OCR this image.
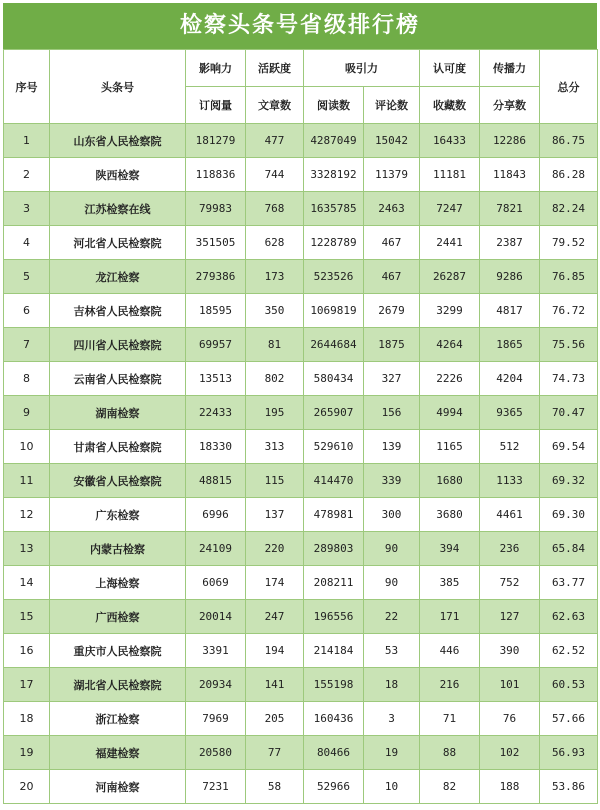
检察头条号省级排行榜
序号	头条号	影响力	活跃度	吸引力		认可度	传播力	总分
		订阅量	文章数	阅读数	评论数	收藏数	分享数	
1	山东省人民检察院	181279	477	4287049	15042	16433	12286	86.75
2	陕西检察	118836	744	3328192	11379	11181	11843	86.28
3	江苏检察在线	79983	768	1635785	2463	7247	7821	82.24
4	河北省人民检察院	351505	628	1228789	467	2441	2387	79.52
5	龙江检察	279386	173	523526	467	26287	9286	76.85
6	吉林省人民检察院	18595	350	1069819	2679	3299	4817	76.72
7	四川省人民检察院	69957	81	2644684	1875	4264	1865	75.56
8	云南省人民检察院	13513	802	580434	327	2226	4204	74.73
9	湖南检察	22433	195	265907	156	4994	9365	70.47
10	甘肃省人民检察院	18330	313	529610	139	1165	512	69.54
11	安徽省人民检察院	48815	115	414470	339	1680	1133	69.32
12	广东检察	6996	137	478981	300	3680	4461	69.30
13	内蒙古检察	24109	220	289803	90	394	236	65.84
14	上海检察	6069	174	208211	90	385	752	63.77
15	广西检察	20014	247	196556	22	171	127	62.63
16	重庆市人民检察院	3391	194	214184	53	446	390	62.52
17	湖北省人民检察院	20934	141	155198	18	216	101	60.53
18	浙江检察	7969	205	160436	3	71	76	57.66
19	福建检察	20580	77	80466	19	88	102	56.93
20	河南检察	7231	58	52966	10	82	188	53.86
